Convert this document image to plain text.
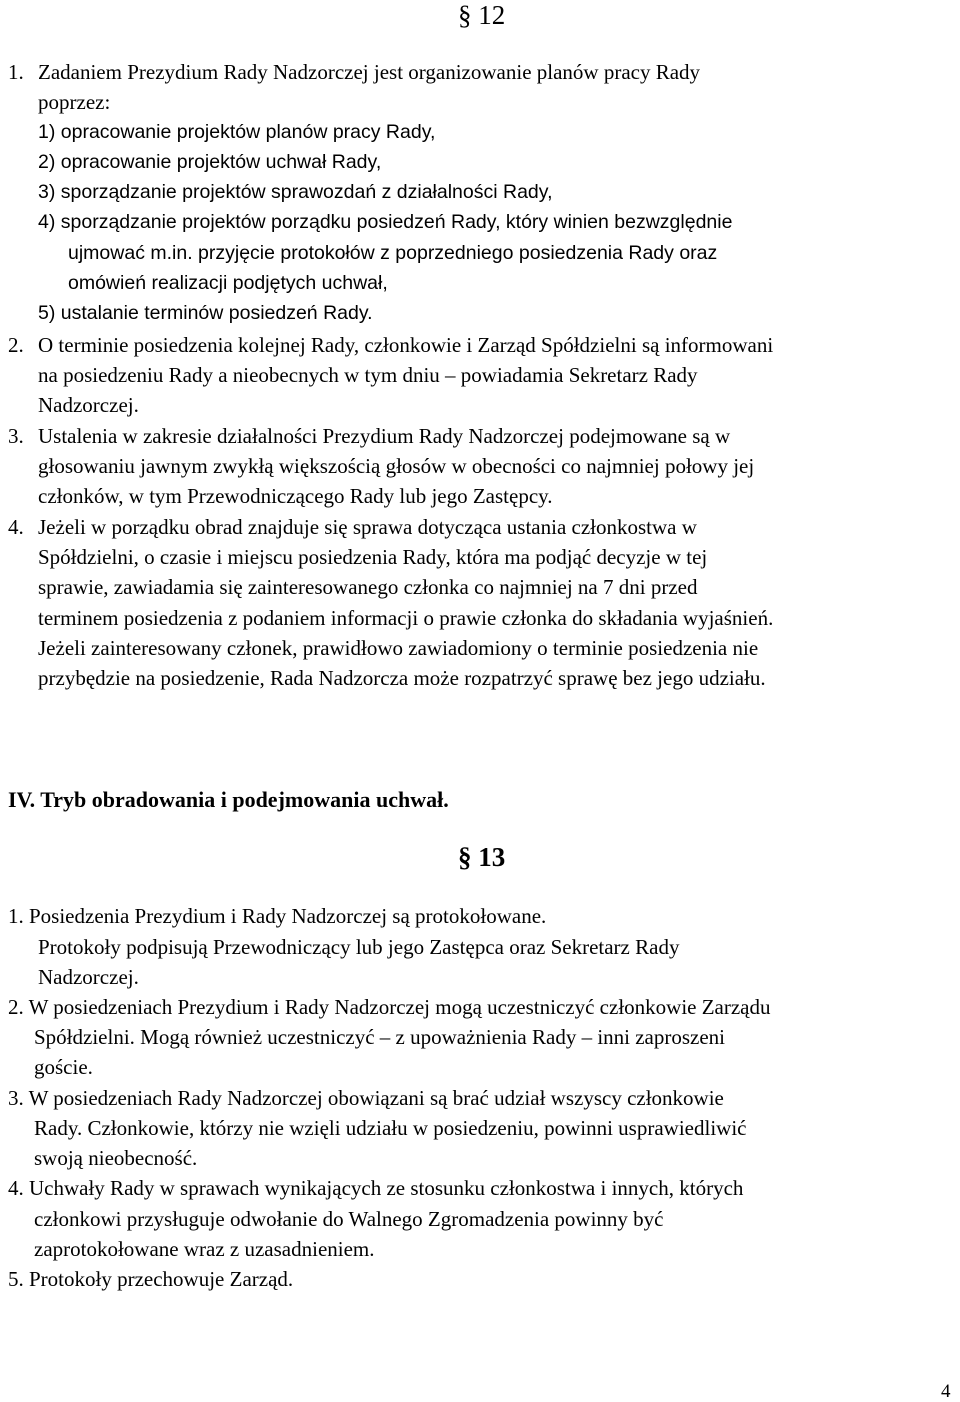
§ 12
1. Zadaniem Prezydium Rady Nadzorczej jest organizowanie planów pracy Rady
poprzez:
1) opracowanie projektów planów pracy Rady,
2) opracowanie projektów uchwał Rady,
3) sporządzanie projektów sprawozdań z działalności Rady,
4) sporządzanie projektów porządku posiedzeń Rady, który winien bezwzględnie
ujmować m.in. przyjęcie protokołów z poprzedniego posiedzenia Rady oraz
omówień realizacji podjętych uchwał,
5) ustalanie terminów posiedzeń Rady.
2. O terminie posiedzenia kolejnej Rady, członkowie i Zarząd Spółdzielni są informowani
na posiedzeniu Rady a nieobecnych w tym dniu – powiadamia Sekretarz Rady
Nadzorczej.
3. Ustalenia w zakresie działalności Prezydium Rady Nadzorczej podejmowane są w
głosowaniu jawnym zwykłą większością głosów w obecności co najmniej połowy jej
członków, w tym Przewodniczącego Rady lub jego Zastępcy.
4. Jeżeli w porządku obrad znajduje się sprawa dotycząca ustania członkostwa w
Spółdzielni, o czasie i miejscu posiedzenia Rady, która ma podjąć decyzje w tej
sprawie, zawiadamia się zainteresowanego członka co najmniej na 7 dni przed
terminem posiedzenia z podaniem informacji o prawie członka do składania wyjaśnień.
Jeżeli zainteresowany członek, prawidłowo zawiadomiony o terminie posiedzenia nie
przybędzie na posiedzenie, Rada Nadzorcza może rozpatrzyć sprawę bez jego udziału.
IV. Tryb obradowania i podejmowania uchwał.
§ 13
1. Posiedzenia Prezydium i Rady Nadzorczej są protokołowane.
Protokoły podpisują Przewodniczący lub jego Zastępca oraz Sekretarz Rady
Nadzorczej.
2. W posiedzeniach Prezydium i Rady Nadzorczej mogą uczestniczyć członkowie Zarządu
Spółdzielni. Mogą również uczestniczyć – z upoważnienia Rady – inni zaproszeni
goście.
3. W posiedzeniach Rady Nadzorczej obowiązani są brać udział wszyscy członkowie
Rady. Członkowie, którzy nie wzięli udziału w posiedzeniu, powinni usprawiedliwić
swoją nieobecność.
4. Uchwały Rady w sprawach wynikających ze stosunku członkostwa i innych, których
członkowi przysługuje odwołanie do Walnego Zgromadzenia powinny być
zaprotokołowane wraz z uzasadnieniem.
5. Protokoły przechowuje Zarząd.
4
